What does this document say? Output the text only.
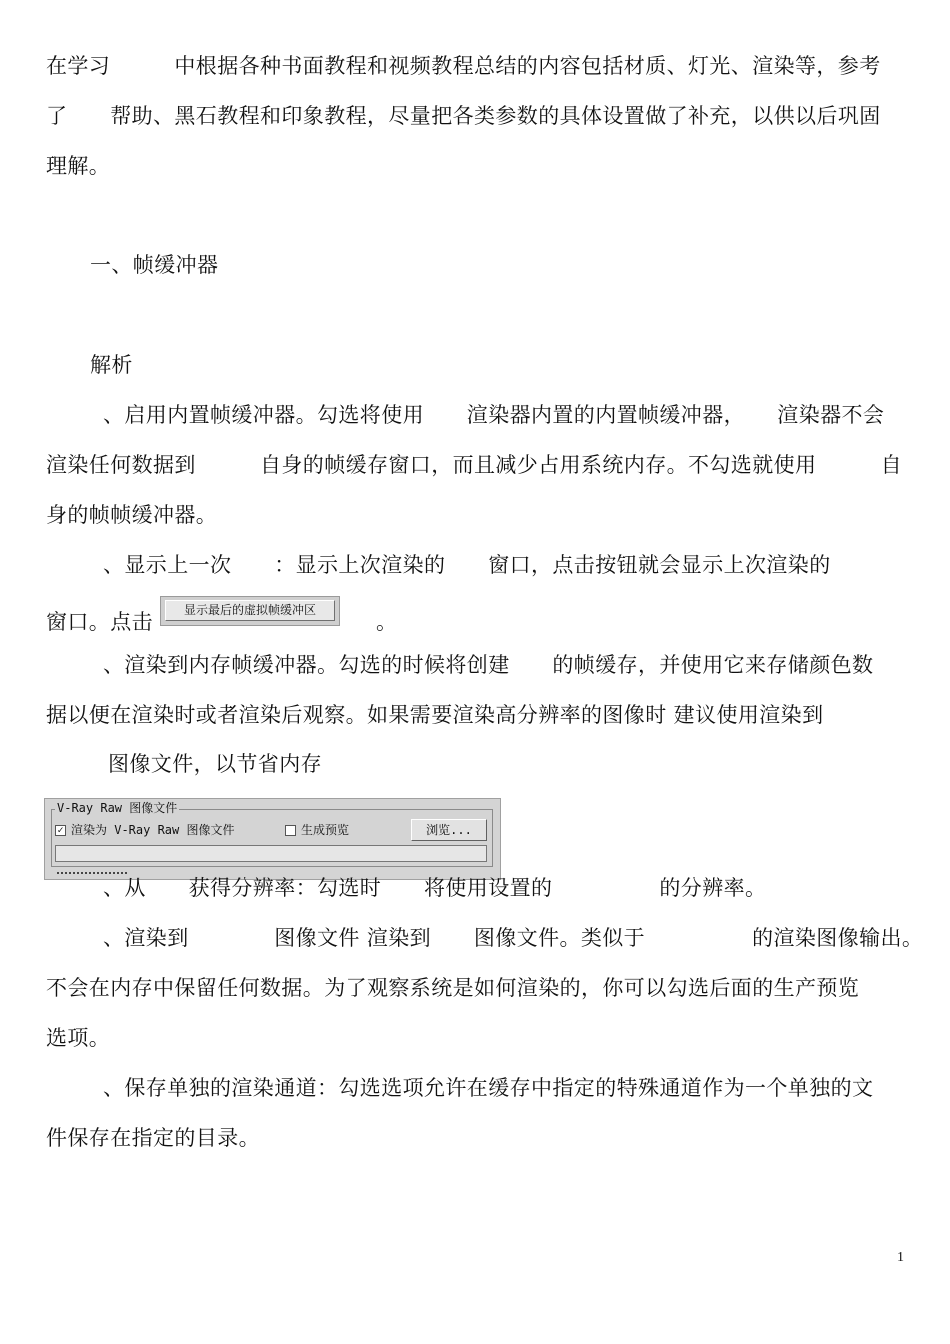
在学习　　　中根据各种书面教程和视频教程总结的内容包括材质、灯光、渲染等，参考
了　　帮助、黑石教程和印象教程，尽量把各类参数的具体设置做了补充，以供以后巩固
理解。
一、帧缓冲器
解析
、启用内置帧缓冲器。勾选将使用　　渲染器内置的内置帧缓冲器，　　渲染器不会
渲染任何数据到　　　自身的帧缓存窗口，而且减少占用系统内存。不勾选就使用　　　自
身的帧帧缓冲器。
、显示上一次　　：显示上次渲染的　　窗口，点击按钮就会显示上次渲染的
窗口。点击	显示最后的虚拟帧缓冲区	。
、渲染到内存帧缓冲器。勾选的时候将创建　　的帧缓存，并使用它来存储颜色数
据以便在渲染时或者渲染后观察。如果需要渲染高分辨率的图像时 建议使用渲染到
图像文件，以节省内存
V-Ray Raw 图像文件
✓ 渲染为 V-Ray Raw 图像文件	生成预览	浏览...
、从　　获得分辨率：勾选时　　将使用设置的　　　　　的分辨率。
、渲染到　　　　图像文件 渲染到　　图像文件。类似于　　　　　的渲染图像输出。
不会在内存中保留任何数据。为了观察系统是如何渲染的，你可以勾选后面的生产预览
选项。
、保存单独的渲染通道：勾选选项允许在缓存中指定的特殊通道作为一个单独的文
件保存在指定的目录。
1
